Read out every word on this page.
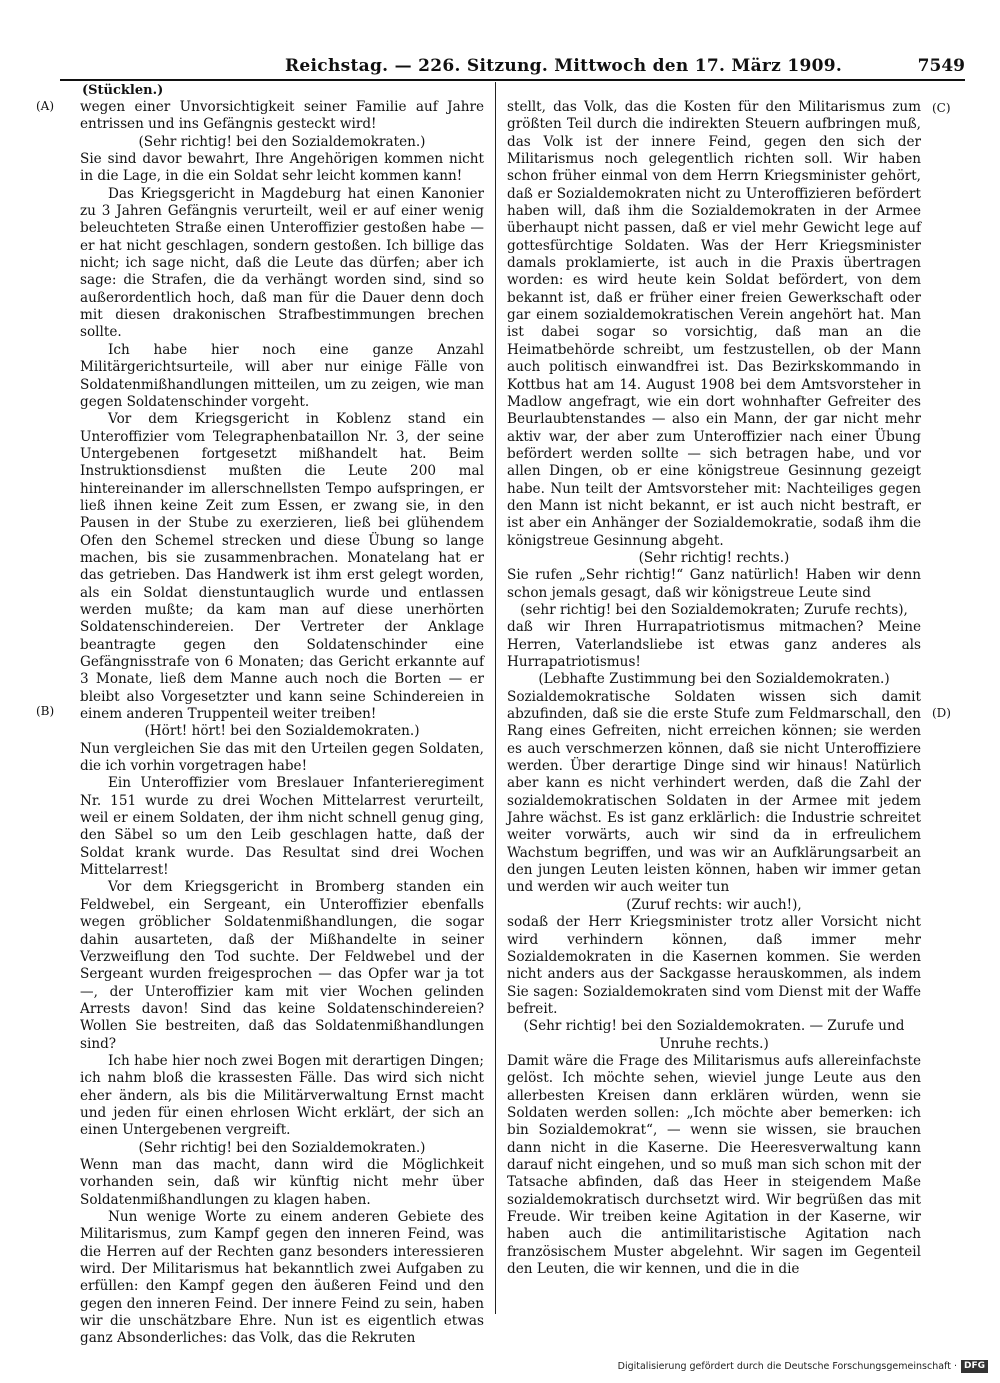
Reichstag. — 226. Sitzung. Mittwoch den 17. März 1909.	7549
(Stücklen.)
(A)
(B)
(C)
(D)

wegen einer Unvorsichtigkeit seiner Familie auf Jahre entrissen und ins Gefängnis gesteckt wird!

(Sehr richtig! bei den Sozialdemokraten.)

Sie sind davor bewahrt, Ihre Angehörigen kommen nicht in die Lage, in die ein Soldat sehr leicht kommen kann!

Das Kriegsgericht in Magdeburg hat einen Kanonier zu 3 Jahren Gefängnis verurteilt, weil er auf einer wenig beleuchteten Straße einen Unteroffizier gestoßen habe — er hat nicht geschlagen, sondern gestoßen. Ich billige das nicht; ich sage nicht, daß die Leute das dürfen; aber ich sage: die Strafen, die da verhängt worden sind, sind so außerordentlich hoch, daß man für die Dauer denn doch mit diesen drakonischen Strafbestimmungen brechen sollte.

Ich habe hier noch eine ganze Anzahl Militärgerichtsurteile, will aber nur einige Fälle von Soldatenmißhandlungen mitteilen, um zu zeigen, wie man gegen Soldatenschinder vorgeht.

Vor dem Kriegsgericht in Koblenz stand ein Unteroffizier vom Telegraphenbataillon Nr. 3, der seine Untergebenen fortgesetzt mißhandelt hat. Beim Instruktionsdienst mußten die Leute 200 mal hintereinander im allerschnellsten Tempo aufspringen, er ließ ihnen keine Zeit zum Essen, er zwang sie, in den Pausen in der Stube zu exerzieren, ließ bei glühendem Ofen den Schemel strecken und diese Übung so lange machen, bis sie zusammenbrachen. Monatelang hat er das getrieben. Das Handwerk ist ihm erst gelegt worden, als ein Soldat dienstuntauglich wurde und entlassen werden mußte; da kam man auf diese unerhörten Soldatenschindereien. Der Vertreter der Anklage beantragte gegen den Soldatenschinder eine Gefängnisstrafe von 6 Monaten; das Gericht erkannte auf 3 Monate, ließ dem Manne auch noch die Borten — er bleibt also Vorgesetzter und kann seine Schindereien in einem anderen Truppenteil weiter treiben!

(Hört! hört! bei den Sozialdemokraten.)

Nun vergleichen Sie das mit den Urteilen gegen Soldaten, die ich vorhin vorgetragen habe!

Ein Unteroffizier vom Breslauer Infanterieregiment Nr. 151 wurde zu drei Wochen Mittelarrest verurteilt, weil er einem Soldaten, der ihm nicht schnell genug ging, den Säbel so um den Leib geschlagen hatte, daß der Soldat krank wurde. Das Resultat sind drei Wochen Mittelarrest!

Vor dem Kriegsgericht in Bromberg standen ein Feldwebel, ein Sergeant, ein Unteroffizier ebenfalls wegen gröblicher Soldatenmißhandlungen, die sogar dahin ausarteten, daß der Mißhandelte in seiner Verzweiflung den Tod suchte. Der Feldwebel und der Sergeant wurden freigesprochen — das Opfer war ja tot —, der Unteroffizier kam mit vier Wochen gelinden Arrests davon! Sind das keine Soldatenschindereien? Wollen Sie bestreiten, daß das Soldatenmißhandlungen sind?

Ich habe hier noch zwei Bogen mit derartigen Dingen; ich nahm bloß die krassesten Fälle. Das wird sich nicht eher ändern, als bis die Militärverwaltung Ernst macht und jeden für einen ehrlosen Wicht erklärt, der sich an einen Untergebenen vergreift.

(Sehr richtig! bei den Sozialdemokraten.)

Wenn man das macht, dann wird die Möglichkeit vorhanden sein, daß wir künftig nicht mehr über Soldatenmißhandlungen zu klagen haben.

Nun wenige Worte zu einem anderen Gebiete des Militarismus, zum Kampf gegen den inneren Feind, was die Herren auf der Rechten ganz besonders interessieren wird. Der Militarismus hat bekanntlich zwei Aufgaben zu erfüllen: den Kampf gegen den äußeren Feind und den gegen den inneren Feind. Der innere Feind zu sein, haben wir die unschätzbare Ehre. Nun ist es eigentlich etwas ganz Absonderliches: das Volk, das die Rekruten

stellt, das Volk, das die Kosten für den Militarismus zum größten Teil durch die indirekten Steuern aufbringen muß, das Volk ist der innere Feind, gegen den sich der Militarismus noch gelegentlich richten soll. Wir haben schon früher einmal von dem Herrn Kriegsminister gehört, daß er Sozialdemokraten nicht zu Unteroffizieren befördert haben will, daß ihm die Sozialdemokraten in der Armee überhaupt nicht passen, daß er viel mehr Gewicht lege auf gottesfürchtige Soldaten. Was der Herr Kriegsminister damals proklamierte, ist auch in die Praxis übertragen worden: es wird heute kein Soldat befördert, von dem bekannt ist, daß er früher einer freien Gewerkschaft oder gar einem sozialdemokratischen Verein angehört hat. Man ist dabei sogar so vorsichtig, daß man an die Heimatbehörde schreibt, um festzustellen, ob der Mann auch politisch einwandfrei ist. Das Bezirkskommando in Kottbus hat am 14. August 1908 bei dem Amtsvorsteher in Madlow angefragt, wie ein dort wohnhafter Gefreiter des Beurlaubtenstandes — also ein Mann, der gar nicht mehr aktiv war, der aber zum Unteroffizier nach einer Übung befördert werden sollte — sich betragen habe, und vor allen Dingen, ob er eine königstreue Gesinnung gezeigt habe. Nun teilt der Amtsvorsteher mit: Nachteiliges gegen den Mann ist nicht bekannt, er ist auch nicht bestraft, er ist aber ein Anhänger der Sozialdemokratie, sodaß ihm die königstreue Gesinnung abgeht.

(Sehr richtig! rechts.)

Sie rufen „Sehr richtig!“ Ganz natürlich! Haben wir denn schon jemals gesagt, daß wir königstreue Leute sind

(sehr richtig! bei den Sozialdemokraten; Zurufe rechts),

daß wir Ihren Hurrapatriotismus mitmachen? Meine Herren, Vaterlandsliebe ist etwas ganz anderes als Hurrapatriotismus!

(Lebhafte Zustimmung bei den Sozialdemokraten.)

Sozialdemokratische Soldaten wissen sich damit abzufinden, daß sie die erste Stufe zum Feldmarschall, den Rang eines Gefreiten, nicht erreichen können; sie werden es auch verschmerzen können, daß sie nicht Unteroffiziere werden. Über derartige Dinge sind wir hinaus! Natürlich aber kann es nicht verhindert werden, daß die Zahl der sozialdemokratischen Soldaten in der Armee mit jedem Jahre wächst. Es ist ganz erklärlich: die Industrie schreitet weiter vorwärts, auch wir sind da in erfreulichem Wachstum begriffen, und was wir an Aufklärungsarbeit an den jungen Leuten leisten können, haben wir immer getan und werden wir auch weiter tun

(Zuruf rechts: wir auch!),

sodaß der Herr Kriegsminister trotz aller Vorsicht nicht wird verhindern können, daß immer mehr Sozialdemokraten in die Kasernen kommen. Sie werden nicht anders aus der Sackgasse herauskommen, als indem Sie sagen: Sozialdemokraten sind vom Dienst mit der Waffe befreit.

(Sehr richtig! bei den Sozialdemokraten. — Zurufe und Unruhe rechts.)

Damit wäre die Frage des Militarismus aufs allereinfachste gelöst. Ich möchte sehen, wieviel junge Leute aus den allerbesten Kreisen dann erklären würden, wenn sie Soldaten werden sollen: „Ich möchte aber bemerken: ich bin Sozialdemokrat“, — wenn sie wissen, sie brauchen dann nicht in die Kaserne. Die Heeresverwaltung kann darauf nicht eingehen, und so muß man sich schon mit der Tatsache abfinden, daß das Heer in steigendem Maße sozialdemokratisch durchsetzt wird. Wir begrüßen das mit Freude. Wir treiben keine Agitation in der Kaserne, wir haben auch die antimilitaristische Agitation nach französischem Muster abgelehnt. Wir sagen im Gegenteil den Leuten, die wir kennen, und die in die

Digitalisierung gefördert durch die Deutsche Forschungsgemeinschaft · DFG
